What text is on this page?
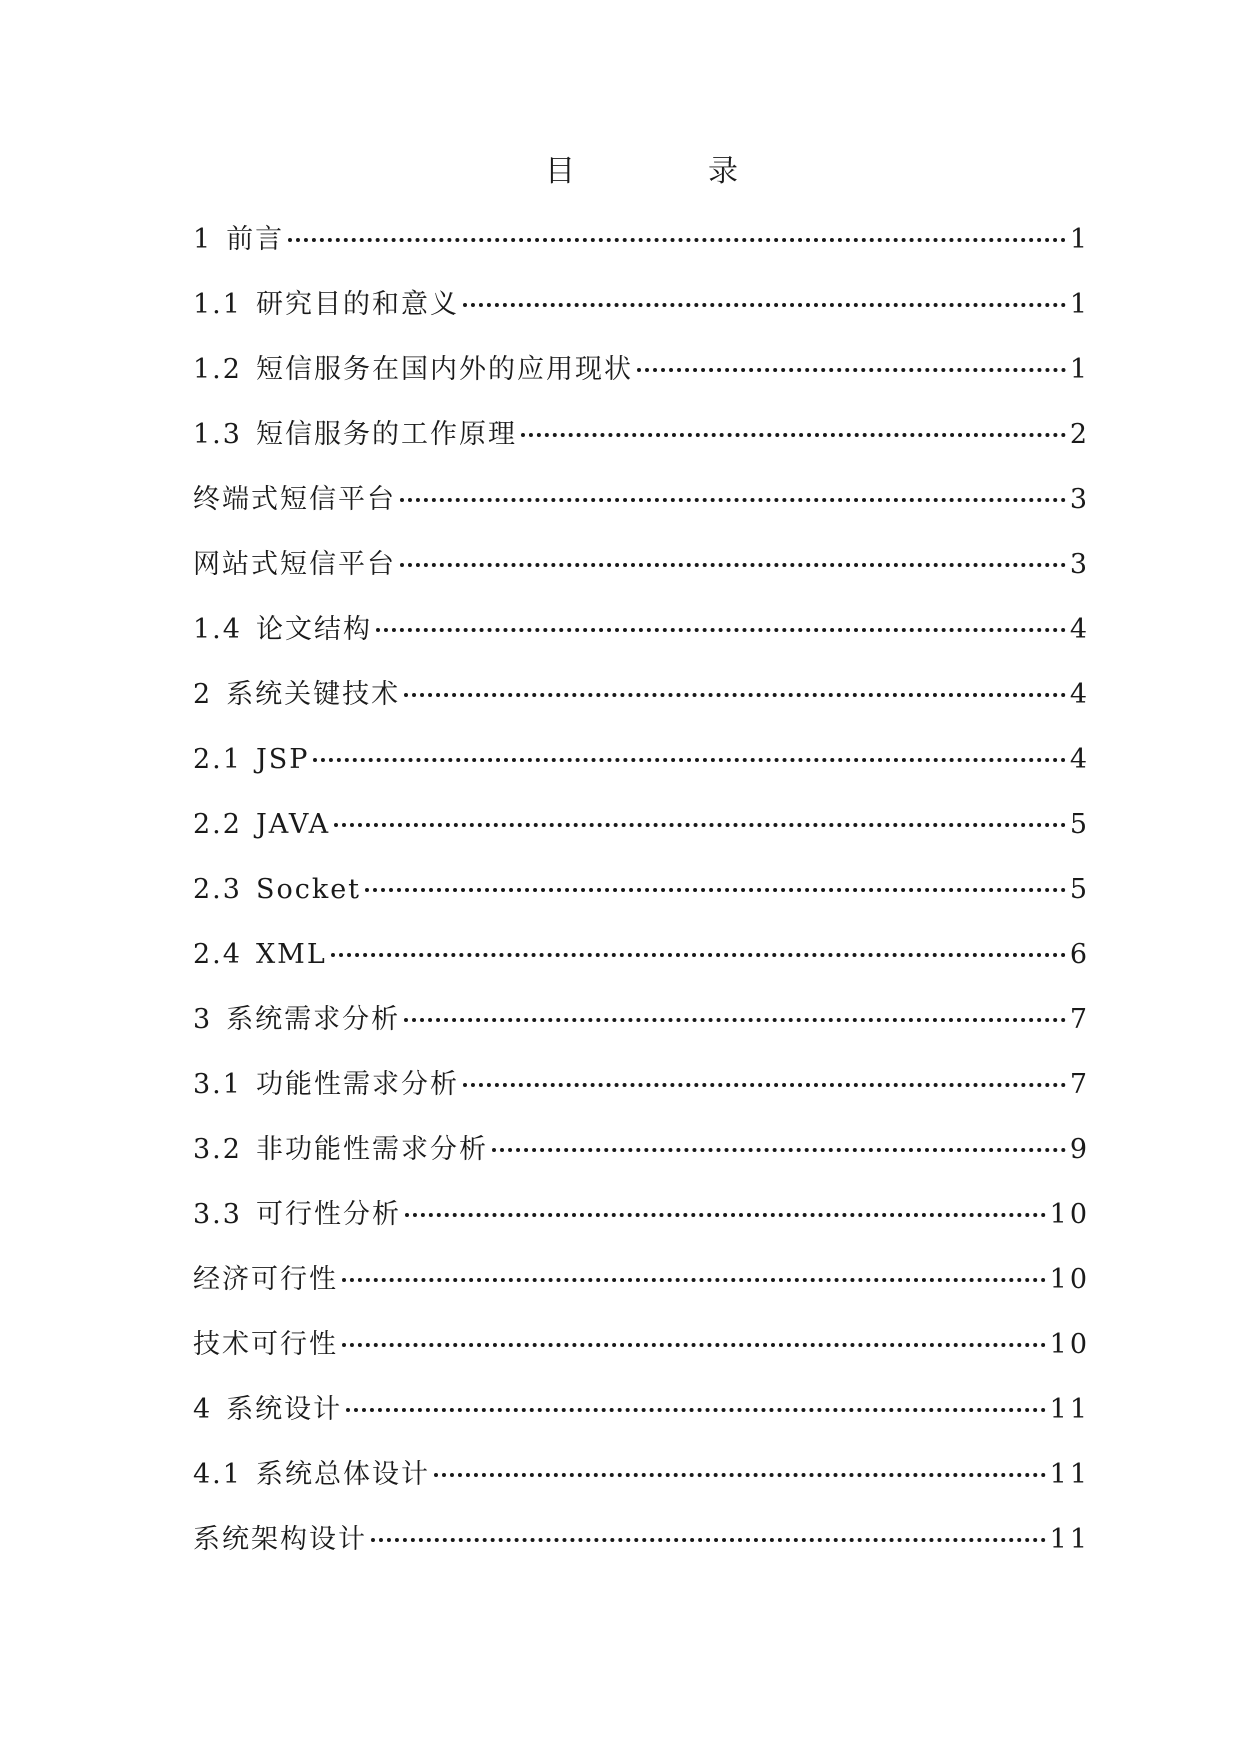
目	录
1 前言	1
1.1 研究目的和意义	1
1.2 短信服务在国内外的应用现状	1
1.3 短信服务的工作原理	2
终端式短信平台	3
网站式短信平台	3
1.4 论文结构	4
2 系统关键技术	4
2.1 JSP	4
2.2 JAVA	5
2.3 Socket	5
2.4 XML	6
3 系统需求分析	7
3.1 功能性需求分析	7
3.2 非功能性需求分析	9
3.3 可行性分析	10
经济可行性	10
技术可行性	10
4 系统设计	11
4.1 系统总体设计	11
系统架构设计	11
